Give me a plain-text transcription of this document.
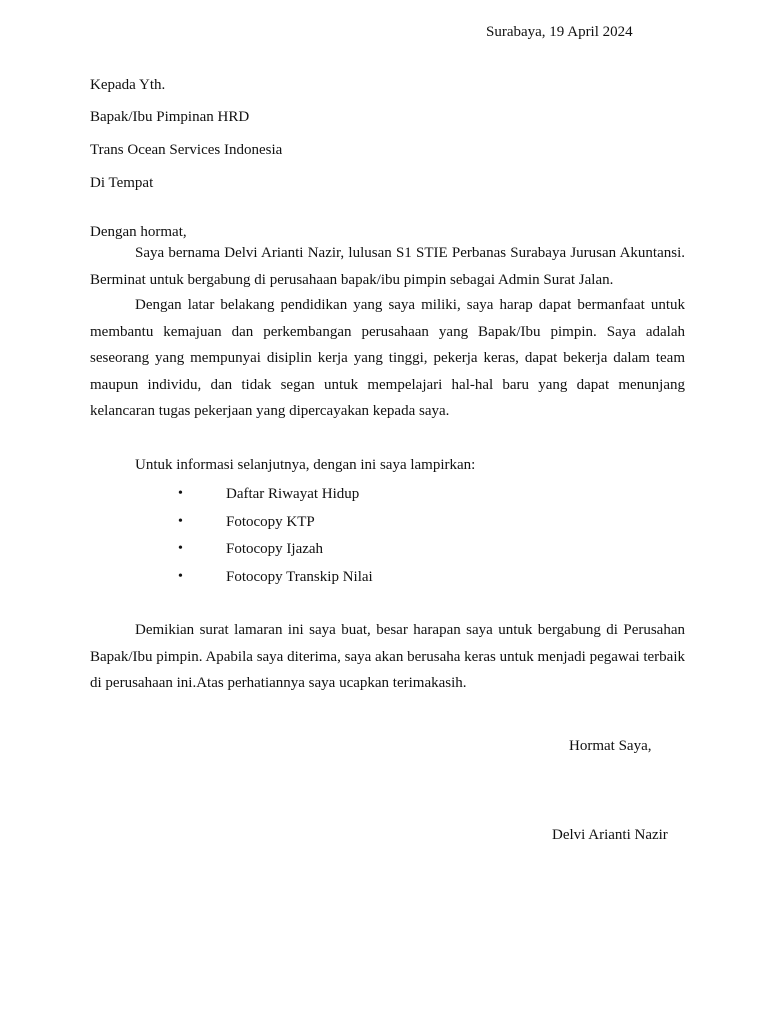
Surabaya, 19 April 2024
Kepada Yth.
Bapak/Ibu Pimpinan HRD
Trans Ocean Services Indonesia
Di Tempat
Dengan hormat,

Saya bernama Delvi Arianti Nazir, lulusan S1 STIE Perbanas Surabaya Jurusan Akuntansi. Berminat untuk bergabung di perusahaan bapak/ibu pimpin sebagai Admin Surat Jalan.

Dengan latar belakang pendidikan yang saya miliki, saya harap dapat bermanfaat untuk membantu kemajuan dan perkembangan perusahaan yang Bapak/Ibu pimpin. Saya adalah seseorang yang mempunyai disiplin kerja yang tinggi, pekerja keras, dapat bekerja dalam team maupun individu, dan tidak segan untuk mempelajari hal-hal baru yang dapat menunjang kelancaran tugas pekerjaan yang dipercayakan kepada saya.

Untuk informasi selanjutnya, dengan ini saya lampirkan:
•	Daftar Riwayat Hidup
•	Fotocopy KTP
•	Fotocopy Ijazah
•	Fotocopy Transkip Nilai

Demikian surat lamaran ini saya buat, besar harapan saya untuk bergabung di Perusahan Bapak/Ibu pimpin. Apabila saya diterima, saya akan berusaha keras untuk menjadi pegawai terbaik di perusahaan ini.Atas perhatiannya saya ucapkan terimakasih.

Hormat Saya,
Delvi Arianti Nazir
